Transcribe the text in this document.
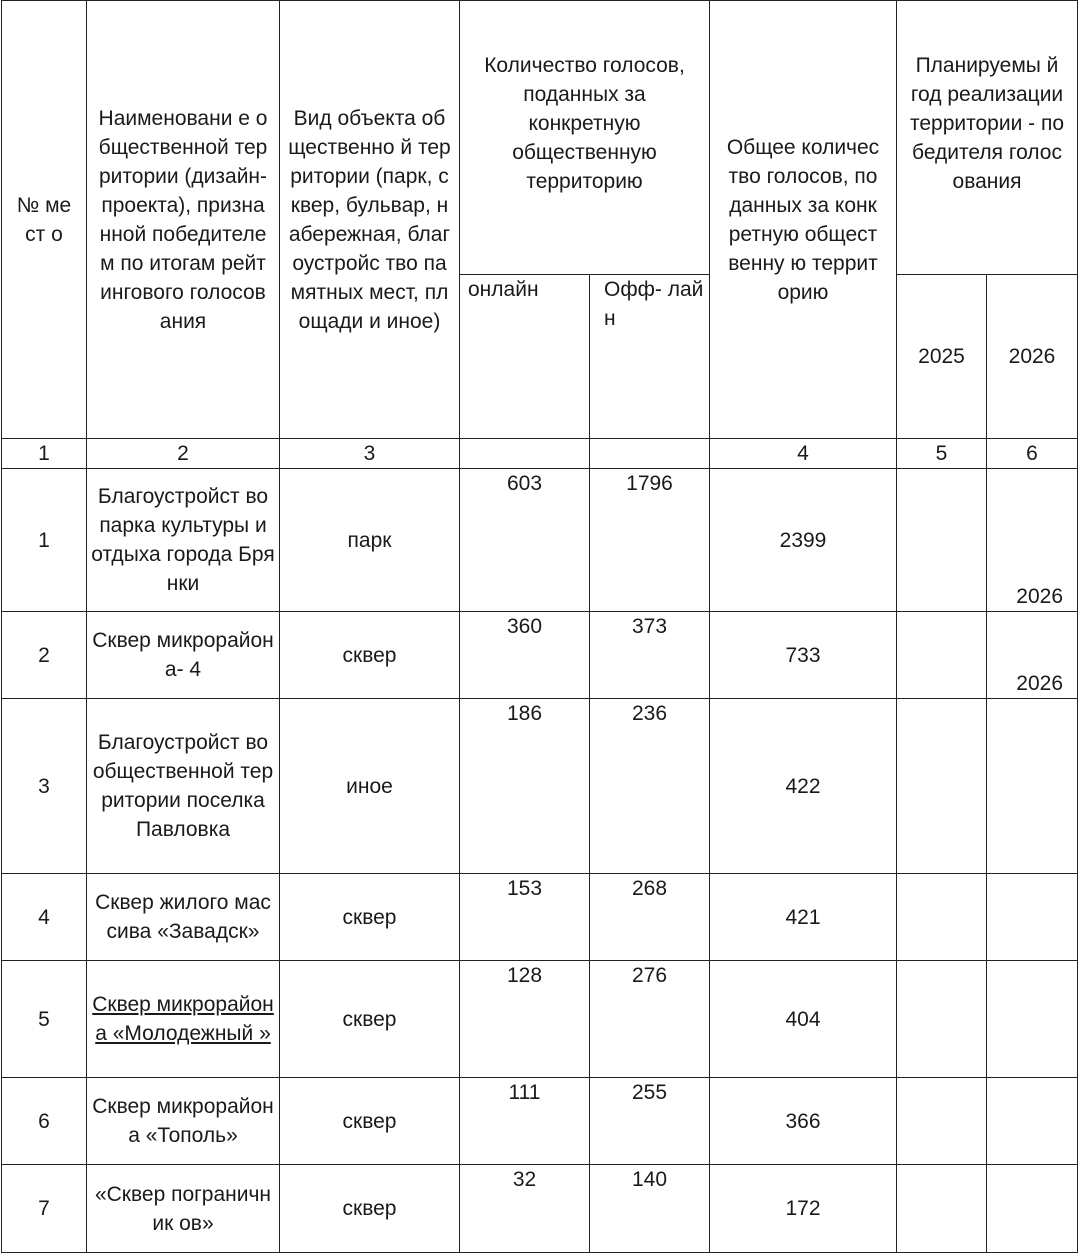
№ мест о	Наименовани е общественной территории (дизайн- проекта), признанной победителем по итогам рейтингового голосования	Вид объекта общественно й территории (парк, сквер, бульвар, набережная, благоустройс тво памятных мест, площади и иное)	Количество голосов, поданных за конкретную общественную территорию		Общее количество голосов, поданных за конкретную общественну ю территорию	Планируемы й год реализации территории - победителя голосования	
			онлайн	Офф- лайн		2025	2026
1	2	3			4	5	6
1	Благоустройст во парка культуры и отдыха города Брянки	парк	603	1796	2399		2026
2	Сквер микрорайона- 4	сквер	360	373	733		2026
3	Благоустройст во общественной территории поселка Павловка	иное	186	236	422		
4	Сквер жилого массива «Завадск»	сквер	153	268	421		
5	Сквер микрорайона «Молодежный »	сквер	128	276	404		
6	Сквер микрорайона «Тополь»	сквер	111	255	366		
7	«Сквер пограничник ов»	сквер	32	140	172		
